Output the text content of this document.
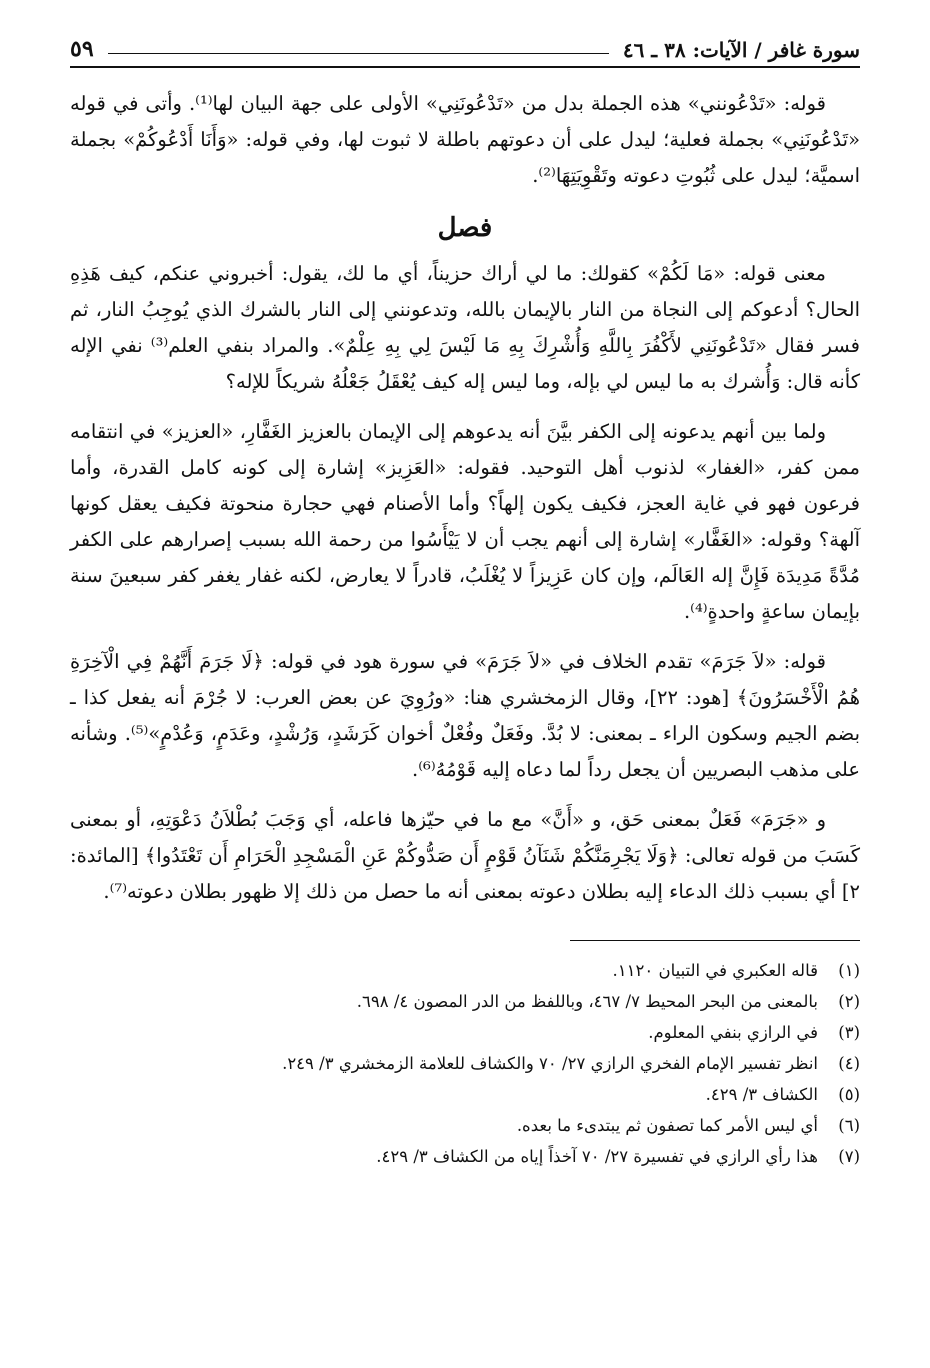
سورة غافر / الآيات: ٣٨ ـ ٤٦
٥٩

قوله: «تَدْعُونني» هذه الجملة بدل من «تَدْعُونَنِي» الأولى على جهة البيان لها⁽¹⁾. وأتى في قوله «تَدْعُونَنِي» بجملة فعلية؛ ليدل على أن دعوتهم باطلة لا ثبوت لها، وفي قوله: «وَأَنَا أَدْعُوكُمْ» بجملة اسميَّة؛ ليدل على ثُبُوتِ دعوته وتَقْوِيَتِهَا⁽²⁾.

فصل

معنى قوله: «مَا لَكُمْ» كقولك: ما لي أراك حزيناً، أي ما لك، يقول: أخبروني عنكم، كيف هَذِهِ الحال؟ أدعوكم إلى النجاة من النار بالإيمان بالله، وتدعونني إلى النار بالشرك الذي يُوجِبُ النار، ثم فسر فقال «تَدْعُونَنِي لأَكْفُرَ بِاللَّهِ وَأُشْرِكَ بِهِ مَا لَيْسَ لِي بِهِ عِلْمٌ». والمراد بنفي العلم⁽³⁾ نفي الإله كأنه قال: وَأُشرك به ما ليس لي بإله، وما ليس إله كيف يُعْقَلُ جَعْلُهُ شريكاً للإله؟

ولما بين أنهم يدعونه إلى الكفر بيَّنَ أنه يدعوهم إلى الإيمان بالعزيز الغَفَّارِ، «العزيز» في انتقامه ممن كفر، «الغفار» لذنوب أهل التوحيد. فقوله: «العَزِيز» إشارة إلى كونه كامل القدرة، وأما فرعون فهو في غاية العجز، فكيف يكون إلهاً؟ وأما الأصنام فهي حجارة منحوتة فكيف يعقل كونها آلهة؟ وقوله: «الغَفَّار» إشارة إلى أنهم يجب أن لا يَيْأَسُوا من رحمة الله بسبب إصرارهم على الكفر مُدَّةً مَدِيدَة فَإِنَّ إله العَالَم، وإن كان عَزِيزاً لا يُغْلَبُ، قادراً لا يعارض، لكنه غفار يغفر كفر سبعينَ سنة بإيمان ساعةٍ واحدةٍ⁽⁴⁾.

قوله: «لاَ جَرَمَ» تقدم الخلاف في «لاَ جَرَمَ» في سورة هود في قوله: ﴿لَا جَرَمَ أَنَّهُمْ فِي الْآخِرَةِ هُمُ الْأَخْسَرُونَ﴾ [هود: ٢٢]، وقال الزمخشري هنا: «ورُوِيَ عن بعض العرب: لا جُرْمَ أنه يفعل كذا ـ بضم الجيم وسكون الراء ـ بمعنى: لا بُدَّ. وفَعَلٌ وفُعْلٌ أخوان كَرَشَدٍ، وَرُشْدٍ، وعَدَمٍ، وَعُدْمٍ»⁽⁵⁾. وشأنه على مذهب البصريين أن يجعل رداً لما دعاه إليه قَوْمُهُ⁽⁶⁾.

و «جَرَمَ» فَعَلٌ بمعنى حَق، و «أَنَّ» مع ما في حيّزها فاعله، أي وَجَبَ بُطْلاَنُ دَعْوَتِهِ، أو بمعنى كَسَبَ من قوله تعالى: ﴿وَلَا يَجْرِمَنَّكُمْ شَنَآنُ قَوْمٍ أَن صَدُّوكُمْ عَنِ الْمَسْجِدِ الْحَرَامِ أَن تَعْتَدُوا﴾ [المائدة: ٢] أي بسبب ذلك الدعاء إليه بطلان دعوته بمعنى أنه ما حصل من ذلك إلا ظهور بطلان دعوته⁽⁷⁾.

(١)
قاله العكبري في التبيان ١١٢٠.
(٢)
بالمعنى من البحر المحيط ٧/ ٤٦٧، وباللفظ من الدر المصون ٤/ ٦٩٨.
(٣)
في الرازي بنفي المعلوم.
(٤)
انظر تفسير الإمام الفخري الرازي ٢٧/ ٧٠ والكشاف للعلامة الزمخشري ٣/ ٢٤٩.
(٥)
الكشاف ٣/ ٤٢٩.
(٦)
أي ليس الأمر كما تصفون ثم يبتدىء ما بعده.
(٧)
هذا رأي الرازي في تفسيرة ٢٧/ ٧٠ آخذاً إياه من الكشاف ٣/ ٤٢٩.
